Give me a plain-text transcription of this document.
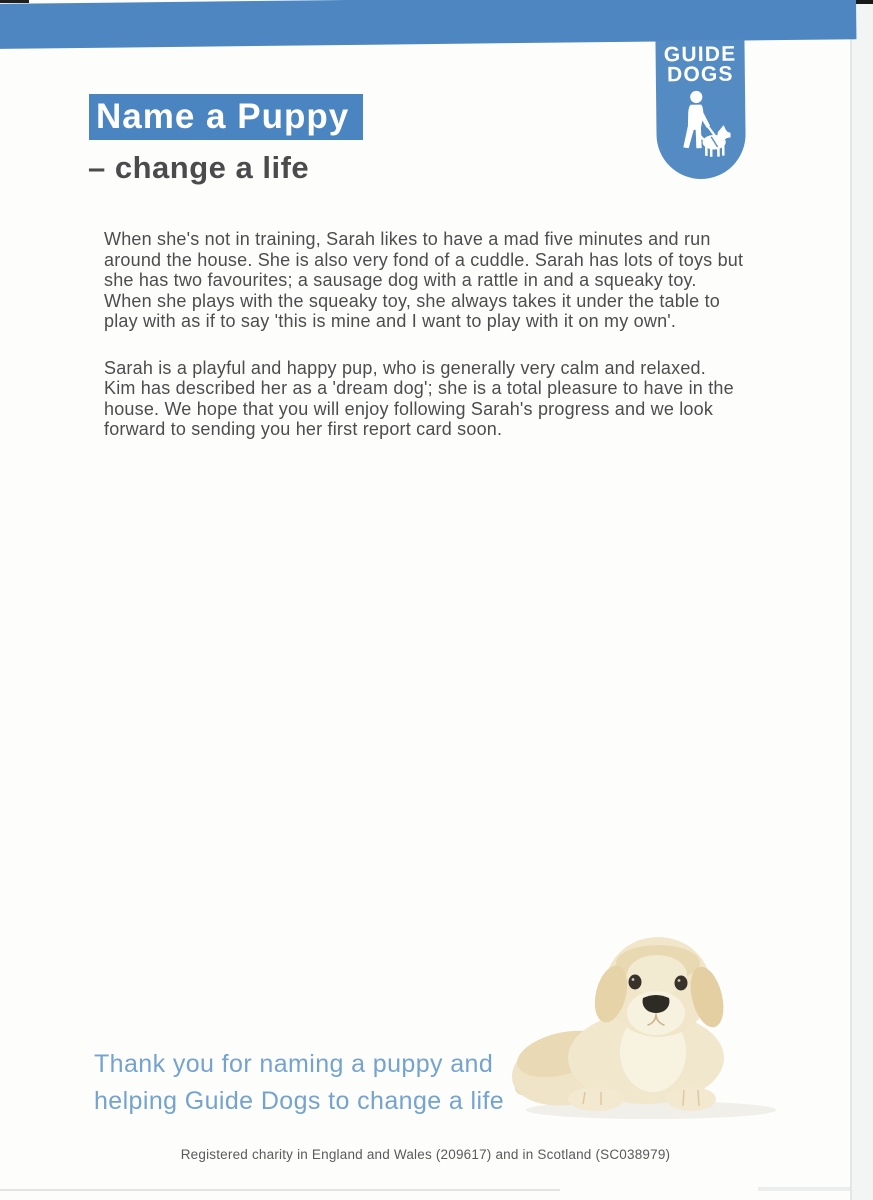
GUIDE
DOGS
Name a Puppy
– change a life

When she's not in training, Sarah likes to have a mad five minutes and run
around the house. She is also very fond of a cuddle. Sarah has lots of toys but
she has two favourites; a sausage dog with a rattle in and a squeaky toy.
When she plays with the squeaky toy, she always takes it under the table to
play with as if to say 'this is mine and I want to play with it on my own'.

Sarah is a playful and happy pup, who is generally very calm and relaxed.
Kim has described her as a 'dream dog'; she is a total pleasure to have in the
house. We hope that you will enjoy following Sarah's progress and we look
forward to sending you her first report card soon.

Thank you for naming a puppy and
helping Guide Dogs to change a life
Registered charity in England and Wales (209617) and in Scotland (SC038979)
